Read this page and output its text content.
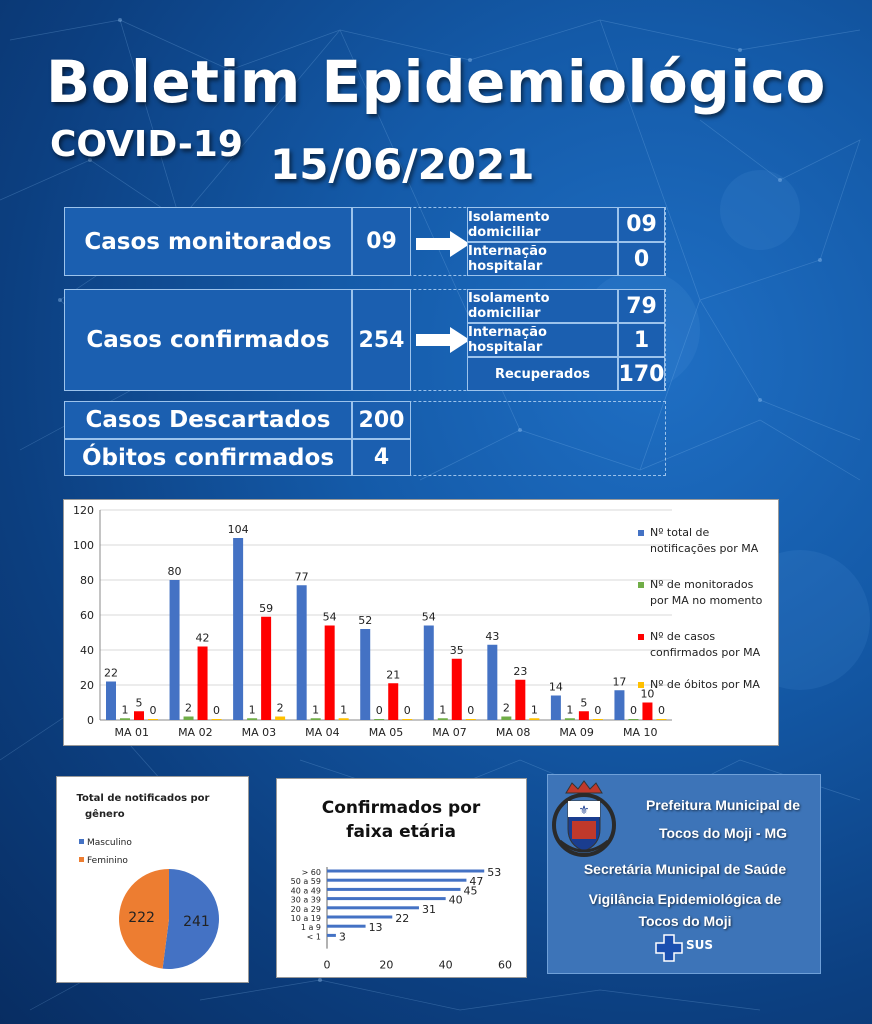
Boletim Epidemiológico
COVID-19 15/06/2021
Casos monitorados	09
Isolamento domiciliar	09
Internação hospitalar	0
Casos confirmados	254
Isolamento domiciliar	79
Internação hospitalar	1
Recuperados	170
Casos Descartados	200
Óbitos confirmados	4
0
20
40
60
80
100
120
MA 01
22
1
5
0
MA 02
80
2
42
0
MA 03
104
1
59
2
MA 04
77
1
54
1
MA 05
52
0
21
0
MA 07
54
1
35
0
MA 08
43
2
23
1
MA 09
14
1
5
0
MA 10
17
0
10
0
Nº total de notificações por MA
Nº de monitorados por MA no momento
Nº de casos confirmados por MA
Nº de óbitos por MA
Total de notificados por
gênero
Masculino
Feminino
241
222
Confirmados por
faixa etária
0	20	40	60
> 60	53
50 a 59	47
40 a 49	45
30 a 39	40
20 a 29	31
10 a 19	22
1 a 9	13
< 1 3
⚜	Prefeitura Municipal de
Tocos do Moji - MG
Secretária Municipal de Saúde
Vigilância Epidemiológica de
Tocos do Moji
SUS
